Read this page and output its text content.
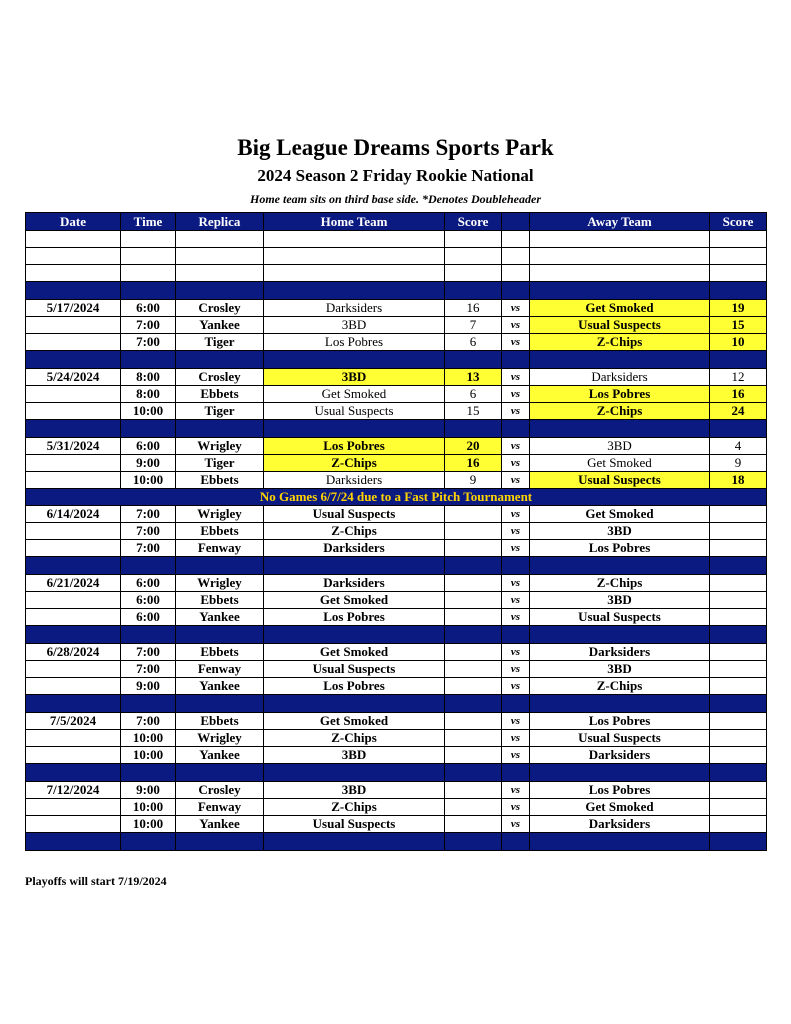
Big League Dreams Sports Park
2024 Season 2 Friday Rookie National
Home team sits on third base side. *Denotes Doubleheader
Date	Time	Replica	Home Team	Score		Away Team	Score

5/17/2024	6:00	Crosley	Darksiders	16	vs	Get Smoked	19
	7:00	Yankee	3BD	7	vs	Usual Suspects	15
	7:00	Tiger	Los Pobres	6	vs	Z-Chips	10

5/24/2024	8:00	Crosley	3BD	13	vs	Darksiders	12
	8:00	Ebbets	Get Smoked	6	vs	Los Pobres	16
	10:00	Tiger	Usual Suspects	15	vs	Z-Chips	24

5/31/2024	6:00	Wrigley	Los Pobres	20	vs	3BD	4
	9:00	Tiger	Z-Chips	16	vs	Get Smoked	9
	10:00	Ebbets	Darksiders	9	vs	Usual Suspects	18
No Games 6/7/24 due to a Fast Pitch Tournament							
6/14/2024	7:00	Wrigley	Usual Suspects		vs	Get Smoked	
	7:00	Ebbets	Z-Chips		vs	3BD	
	7:00	Fenway	Darksiders		vs	Los Pobres	

6/21/2024	6:00	Wrigley	Darksiders		vs	Z-Chips	
	6:00	Ebbets	Get Smoked		vs	3BD	
	6:00	Yankee	Los Pobres		vs	Usual Suspects	

6/28/2024	7:00	Ebbets	Get Smoked		vs	Darksiders	
	7:00	Fenway	Usual Suspects		vs	3BD	
	9:00	Yankee	Los Pobres		vs	Z-Chips	

7/5/2024	7:00	Ebbets	Get Smoked		vs	Los Pobres	
	10:00	Wrigley	Z-Chips		vs	Usual Suspects	
	10:00	Yankee	3BD		vs	Darksiders	

7/12/2024	9:00	Crosley	3BD		vs	Los Pobres	
	10:00	Fenway	Z-Chips		vs	Get Smoked	
	10:00	Yankee	Usual Suspects		vs	Darksiders	

Playoffs will start 7/19/2024
